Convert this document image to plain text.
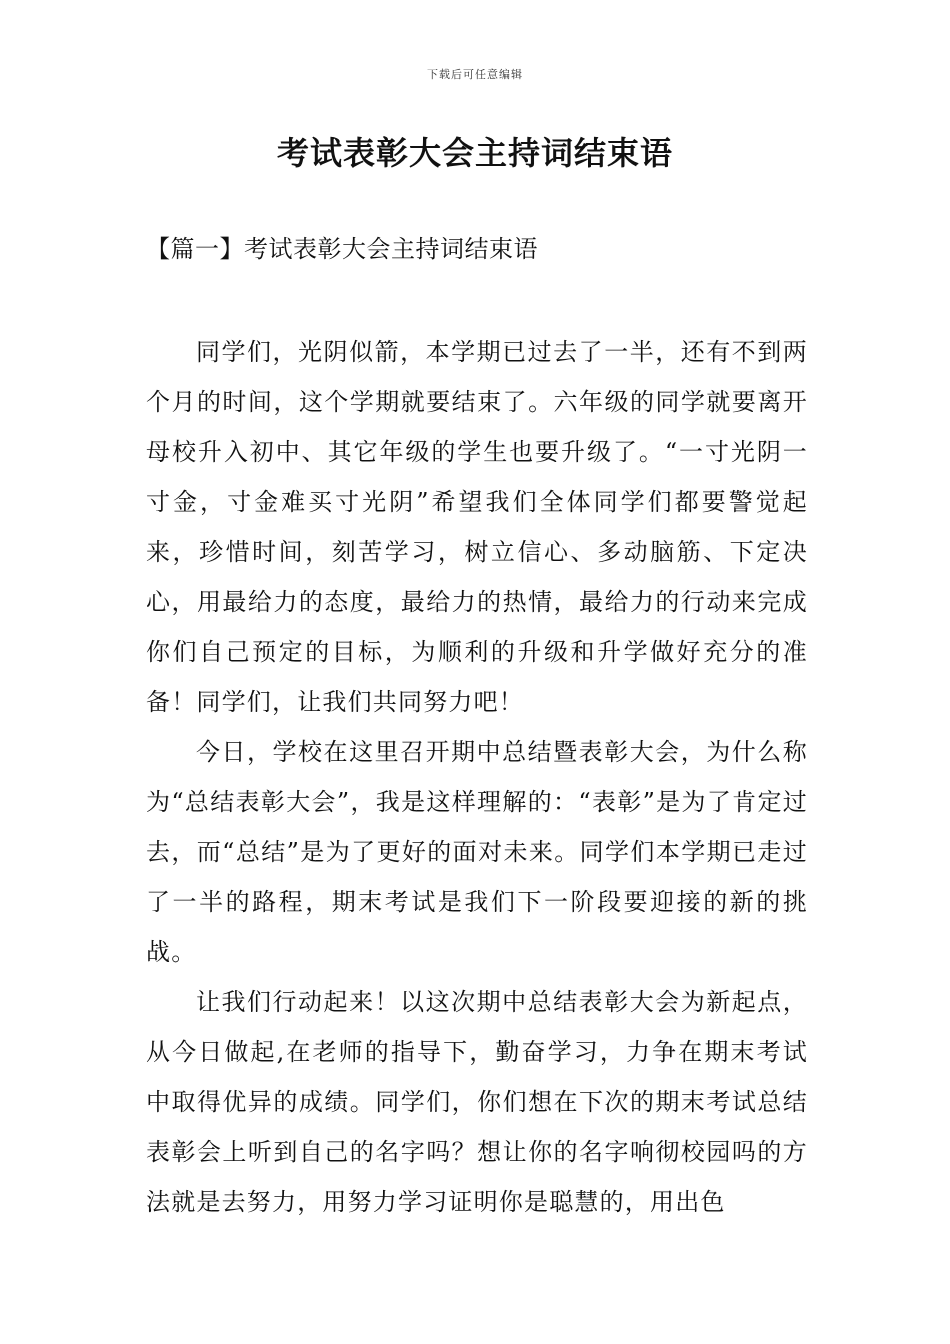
下载后可任意编辑
考试表彰大会主持词结束语
【篇一】考试表彰大会主持词结束语

同学们，光阴似箭，本学期已过去了一半，还有不到两个月的时间，这个学期就要结束了。六年级的同学就要离开母校升入初中、其它年级的学生也要升级了。“一寸光阴一寸金，寸金难买寸光阴”希望我们全体同学们都要警觉起来，珍惜时间，刻苦学习，树立信心、多动脑筋、下定决心，用最给力的态度，最给力的热情，最给力的行动来完成你们自己预定的目标，为顺利的升级和升学做好充分的准备！同学们，让我们共同努力吧！

今日，学校在这里召开期中总结暨表彰大会，为什么称为“总结表彰大会”，我是这样理解的：“表彰”是为了肯定过去，而“总结”是为了更好的面对未来。同学们本学期已走过了一半的路程，期末考试是我们下一阶段要迎接的新的挑战。

让我们行动起来！以这次期中总结表彰大会为新起点，从今日做起,在老师的指导下，勤奋学习，力争在期末考试中取得优异的成绩。同学们，你们想在下次的期末考试总结表彰会上听到自己的名字吗？想让你的名字响彻校园吗的方法就是去努力，用努力学习证明你是聪慧的，用出色
